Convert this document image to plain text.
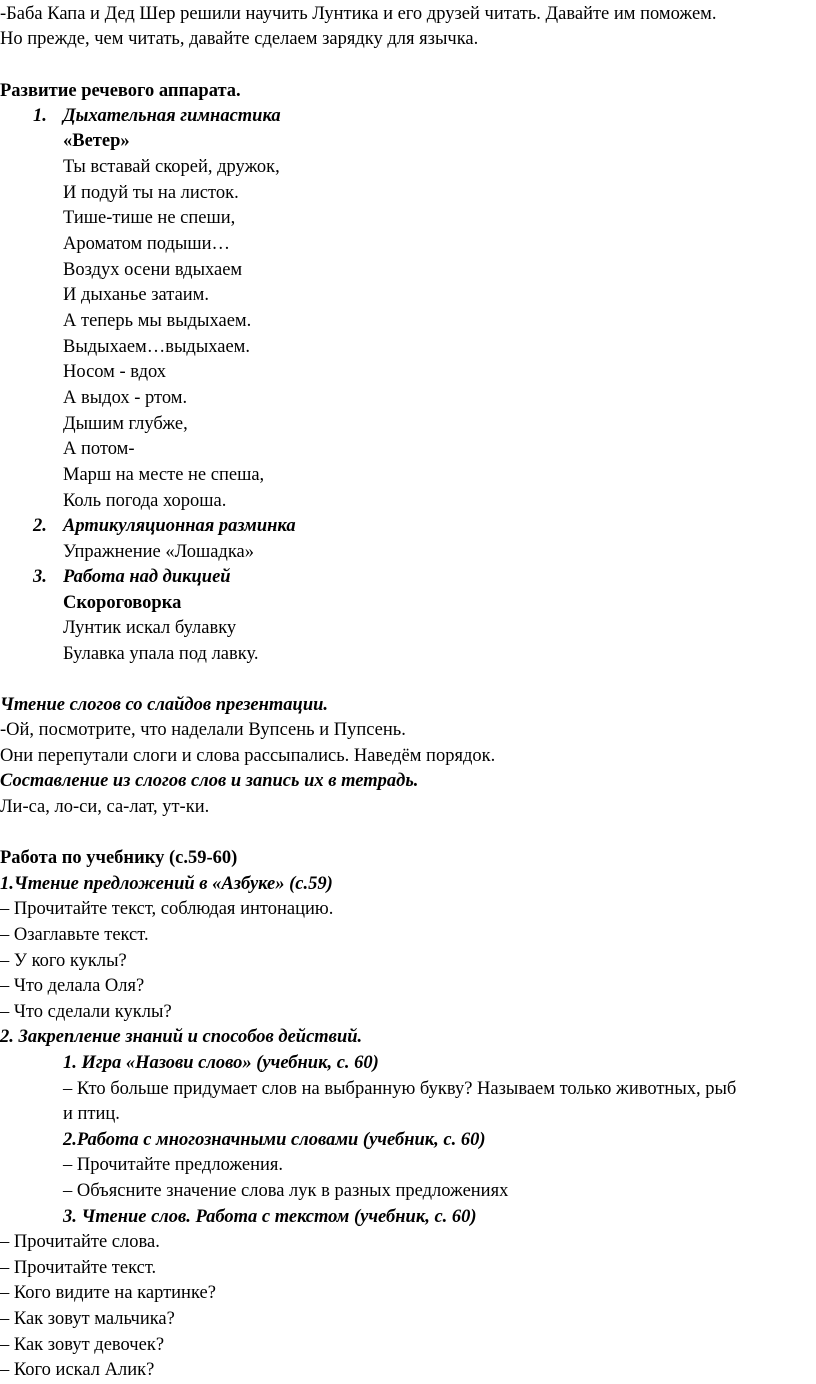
-Баба Капа и Дед Шер решили научить Лунтика и его друзей читать. Давайте им поможем.
Но прежде, чем читать, давайте сделаем зарядку для язычка.
Развитие речевого аппарата.
1. Дыхательная гимнастика
«Ветер»
Ты вставай скорей, дружок,
И подуй ты на листок.
Тише-тише не спеши,
Ароматом подыши…
Воздух осени вдыхаем
И дыханье затаим.
А теперь мы выдыхаем.
Выдыхаем…выдыхаем.
Носом - вдох
А выдох - ртом.
Дышим глубже,
А потом-
Марш на месте не спеша,
Коль погода хороша.
2. Артикуляционная разминка
Упражнение «Лошадка»
3. Работа над дикцией
Скороговорка
Лунтик искал булавку
Булавка упала под лавку.
Чтение слогов со слайдов презентации.
-Ой, посмотрите, что наделали Вупсень и Пупсень.
Они перепутали слоги и слова рассыпались. Наведём порядок.
Составление из слогов слов и запись их в тетрадь.
Ли-са, ло-си, са-лат, ут-ки.
Работа по учебнику (с.59-60)
1.Чтение предложений в «Азбуке» (с.59)
– Прочитайте текст, соблюдая интонацию.
– Озаглавьте текст.
– У кого куклы?
– Что делала Оля?
– Что сделали куклы?
2. Закрепление знаний и способов действий.
1. Игра «Назови слово» (учебник, с. 60)
– Кто больше придумает слов на выбранную букву? Называем только животных, рыб
и птиц.
2.Работа с многозначными словами (учебник, с. 60)
– Прочитайте предложения.
– Объясните значение слова лук в разных предложениях
3. Чтение слов. Работа с текстом (учебник, с. 60)
– Прочитайте слова.
– Прочитайте текст.
– Кого видите на картинке?
– Как зовут мальчика?
– Как зовут девочек?
– Кого искал Алик?
